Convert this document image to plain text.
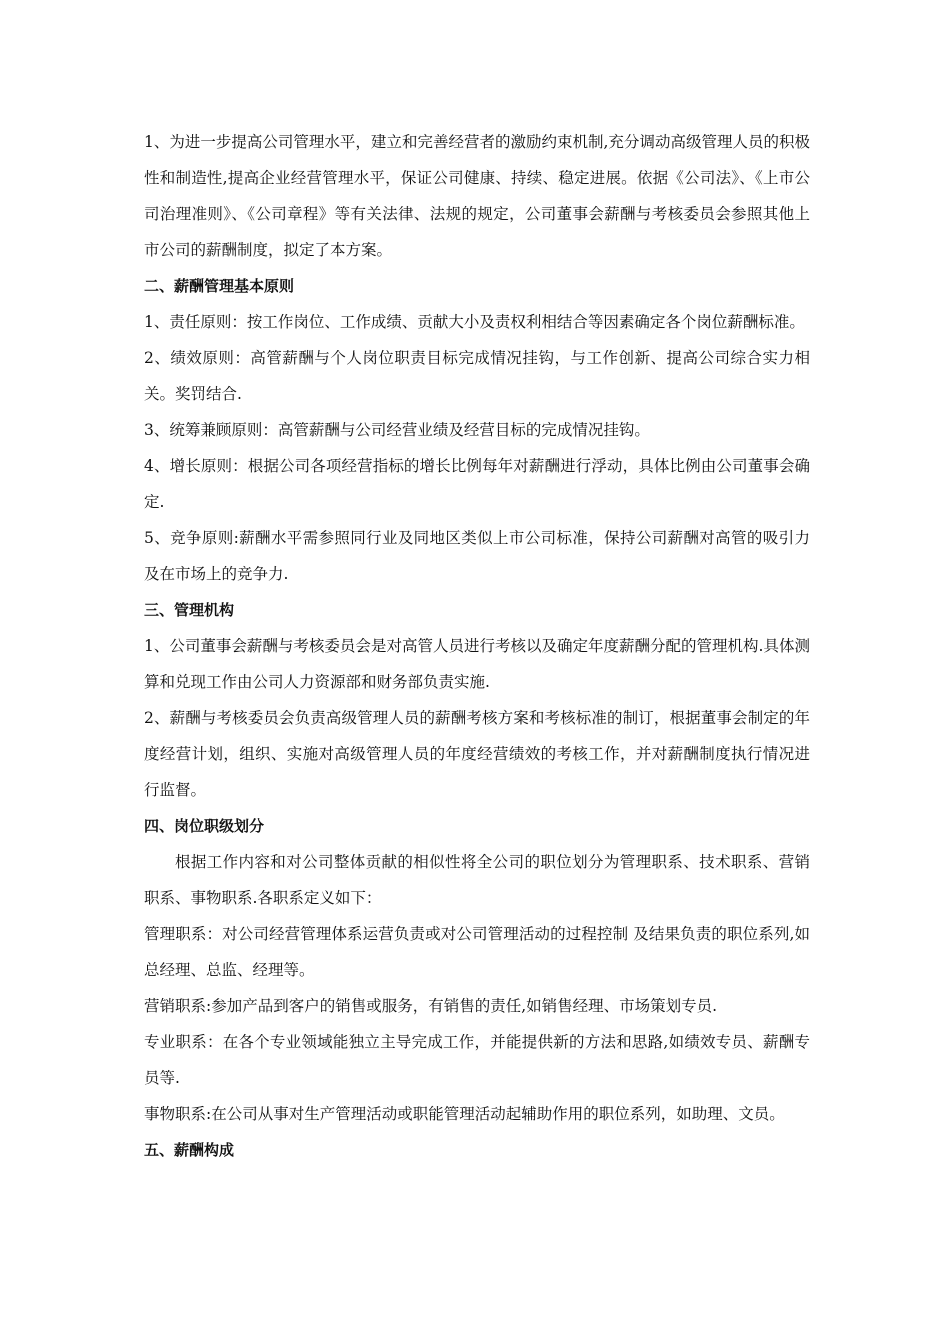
1、为进一步提高公司管理水平，建立和完善经营者的激励约束机制,充分调动高级管理人员的积极性和制造性,提高企业经营管理水平，保证公司健康、持续、稳定进展。依据《公司法》、《上市公司治理准则》、《公司章程》等有关法律、法规的规定，公司董事会薪酬与考核委员会参照其他上市公司的薪酬制度，拟定了本方案。

二、薪酬管理基本原则

1、责任原则：按工作岗位、工作成绩、贡献大小及责权利相结合等因素确定各个岗位薪酬标准。

2、绩效原则：高管薪酬与个人岗位职责目标完成情况挂钩，与工作创新、提高公司综合实力相关。奖罚结合.

3、统筹兼顾原则：高管薪酬与公司经营业绩及经营目标的完成情况挂钩。

4、增长原则：根据公司各项经营指标的增长比例每年对薪酬进行浮动，具体比例由公司董事会确定.

5、竞争原则:薪酬水平需参照同行业及同地区类似上市公司标准，保持公司薪酬对高管的吸引力及在市场上的竞争力.

三、管理机构

1、公司董事会薪酬与考核委员会是对高管人员进行考核以及确定年度薪酬分配的管理机构.具体测算和兑现工作由公司人力资源部和财务部负责实施.

2、薪酬与考核委员会负责高级管理人员的薪酬考核方案和考核标准的制订，根据董事会制定的年度经营计划，组织、实施对高级管理人员的年度经营绩效的考核工作，并对薪酬制度执行情况进行监督。

四、岗位职级划分

根据工作内容和对公司整体贡献的相似性将全公司的职位划分为管理职系、技术职系、营销职系、事物职系.各职系定义如下：

管理职系：对公司经营管理体系运营负责或对公司管理活动的过程控制 及结果负责的职位系列,如总经理、总监、经理等。

营销职系:参加产品到客户的销售或服务，有销售的责任,如销售经理、市场策划专员.

专业职系：在各个专业领域能独立主导完成工作，并能提供新的方法和思路,如绩效专员、薪酬专员等.

事物职系:在公司从事对生产管理活动或职能管理活动起辅助作用的职位系列，如助理、文员。

五、薪酬构成
